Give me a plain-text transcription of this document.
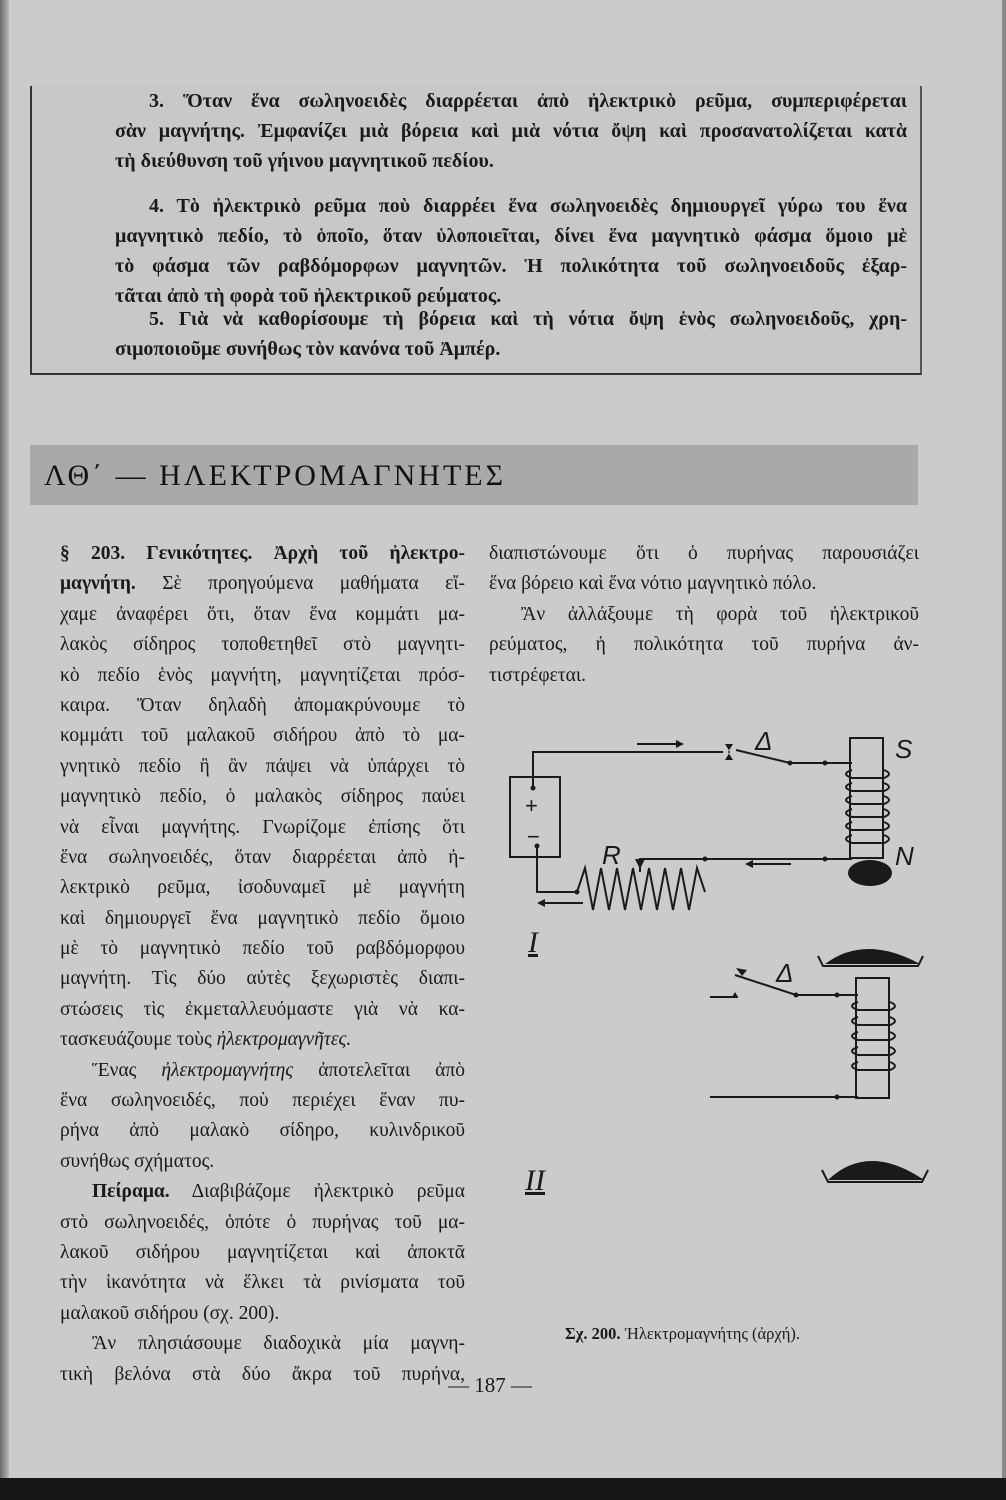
3. Ὅταν ἕνα σωληνοειδὲς διαρρέεται ἀπὸ ἠλεκτρικὸ ρεῦμα, συμπεριφέρεται
σὰν μαγνήτης. Ἐμφανίζει μιὰ βόρεια καὶ μιὰ νότια ὄψη καὶ προσανατολίζεται κατὰ
τὴ διεύθυνση τοῦ γήινου μαγνητικοῦ πεδίου.
4. Τὸ ἠλεκτρικὸ ρεῦμα ποὺ διαρρέει ἕνα σωληνοειδὲς δημιουργεῖ γύρω του ἕνα
μαγνητικὸ πεδίο, τὸ ὁποῖο, ὅταν ὑλοποιεῖται, δίνει ἕνα μαγνητικὸ φάσμα ὅμοιο μὲ
τὸ φάσμα τῶν ραβδόμορφων μαγνητῶν. Ἡ πολικότητα τοῦ σωληνοειδοῦς ἐξαρ-
τᾶται ἀπὸ τὴ φορὰ τοῦ ἠλεκτρικοῦ ρεύματος.
5. Γιὰ νὰ καθορίσουμε τὴ βόρεια καὶ τὴ νότια ὄψη ἑνὸς σωληνοειδοῦς, χρη-
σιμοποιοῦμε συνήθως τὸν κανόνα τοῦ Ἀμπέρ.
ΛΘ΄ — ΗΛΕΚΤΡΟΜΑΓΝΗΤΕΣ
§ 203. Γενικότητες. Ἀρχὴ τοῦ ἠλεκτρο-
μαγνήτη. Σὲ προηγούμενα μαθήματα εἴ-
χαμε ἀναφέρει ὅτι, ὅταν ἕνα κομμάτι μα-
λακὸς σίδηρος τοποθετηθεῖ στὸ μαγνητι-
κὸ πεδίο ἑνὸς μαγνήτη, μαγνητίζεται πρόσ-
καιρα. Ὅταν δηλαδὴ ἀπομακρύνουμε τὸ
κομμάτι τοῦ μαλακοῦ σιδήρου ἀπὸ τὸ μα-
γνητικὸ πεδίο ἢ ἂν πάψει νὰ ὑπάρχει τὸ
μαγνητικὸ πεδίο, ὁ μαλακὸς σίδηρος παύει
νὰ εἶναι μαγνήτης. Γνωρίζομε ἐπίσης ὅτι
ἕνα σωληνοειδές, ὅταν διαρρέεται ἀπὸ ἠ-
λεκτρικὸ ρεῦμα, ἰσοδυναμεῖ μὲ μαγνήτη
καὶ δημιουργεῖ ἕνα μαγνητικὸ πεδίο ὅμοιο
μὲ τὸ μαγνητικὸ πεδίο τοῦ ραβδόμορφου
μαγνήτη. Τὶς δύο αὐτὲς ξεχωριστὲς διαπι-
στώσεις τὶς ἐκμεταλλευόμαστε γιὰ νὰ κα-
τασκευάζουμε τοὺς ἠλεκτρομαγνῆτες.
Ἕνας ἠλεκτρομαγνήτης ἀποτελεῖται ἀπὸ
ἕνα σωληνοειδές, ποὺ περιέχει ἕναν πυ-
ρήνα ἀπὸ μαλακὸ σίδηρο, κυλινδρικοῦ
συνήθως σχήματος.
Πείραμα. Διαβιβάζομε ἠλεκτρικὸ ρεῦμα
στὸ σωληνοειδές, ὁπότε ὁ πυρήνας τοῦ μα-
λακοῦ σιδήρου μαγνητίζεται καὶ ἀποκτᾶ
τὴν ἱκανότητα νὰ ἕλκει τὰ ρινίσματα τοῦ
μαλακοῦ σιδήρου (σχ. 200).
Ἂν πλησιάσουμε διαδοχικὰ μία μαγνη-
τικὴ βελόνα στὰ δύο ἄκρα τοῦ πυρήνα,
διαπιστώνουμε ὅτι ὁ πυρήνας παρουσιάζει
ἕνα βόρειο καὶ ἕνα νότιο μαγνητικὸ πόλο.
Ἂν ἀλλάξουμε τὴ φορὰ τοῦ ἠλεκτρικοῦ
ρεύματος, ἡ πολικότητα τοῦ πυρήνα ἀν-
τιστρέφεται.
Δ	S
N
R
Δ
+
−
I
II
Σχ. 200. Ἠλεκτρομαγνήτης (ἀρχή).
— 187 —
